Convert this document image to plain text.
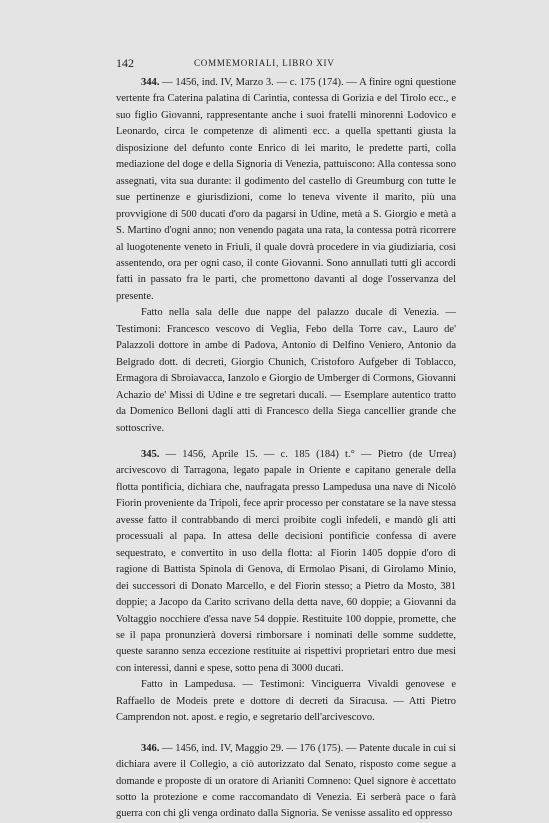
142	COMMEMORIALI, LIBRO XIV

344. — 1456, ind. IV, Marzo 3. — c. 175 (174). — A finire ogni questione vertente fra Caterina palatina di Carintia, contessa di Gorizia e del Tirolo ecc., e suo figlio Giovanni, rappresentante anche i suoi fratelli minorenni Lodovico e Leonardo, circa le competenze di alimenti ecc. a quella spettanti giusta la disposizione del defunto conte Enrico di lei marito, le predette parti, colla mediazione del doge e della Signoria di Venezia, pattuiscono: Alla contessa sono assegnati, vita sua durante: il godimento del castello di Greumburg con tutte le sue pertinenze e giurisdizioni, come lo teneva vivente il marito, più una provvigione di 500 ducati d'oro da pagarsi in Udine, metà a S. Giorgio e metà a S. Martino d'ogni anno; non venendo pagata una rata, la contessa potrà ricorrere al luogotenente veneto in Friuli, il quale dovrà procedere in via giudiziaria, così assentendo, ora per ogni caso, il conte Giovanni. Sono annullati tutti gli accordi fatti in passato fra le parti, che promettono davanti al doge l'osservanza del presente.

Fatto nella sala delle due nappe del palazzo ducale di Venezia. — Testimoni: Francesco vescovo di Veglia, Febo della Torre cav., Lauro de' Palazzoli dottore in ambe di Padova, Antonio di Delfino Veniero, Antonio da Belgrado dott. di decreti, Giorgio Chunich, Cristoforo Aufgeber di Toblacco, Ermagora di Sbroiavacca, Ianzolo e Giorgio de Umberger di Cormons, Giovanni Achazio de' Missi di Udine e tre segretari ducali. — Esemplare autentico tratto da Domenico Belloni dagli atti di Francesco della Siega cancellier grande che sottoscrive.

345. — 1456, Aprile 15. — c. 185 (184) t.° — Pietro (de Urrea) arcivescovo di Tarragona, legato papale in Oriente e capitano generale della flotta pontificia, dichiara che, naufragata presso Lampedusa una nave di Nicolò Fiorin proveniente da Tripoli, fece aprir processo per constatare se la nave stessa avesse fatto il contrabbando di merci proibite cogli infedeli, e mandò gli atti processuali al papa. In attesa delle decisioni pontificie confessa di avere sequestrato, e convertito in uso della flotta: al Fiorin 1405 doppie d'oro di ragione di Battista Spinola di Genova, di Ermolao Pisani, di Girolamo Minio, dei successori di Donato Marcello, e del Fiorin stesso; a Pietro da Mosto, 381 doppie; a Jacopo da Carito scrivano della detta nave, 60 doppie; a Giovanni da Voltaggio nocchiere d'essa nave 54 doppie. Restituite 100 doppie, promette, che se il papa pronunzierà doversi rimborsare i nominati delle somme suddette, queste saranno senza eccezione restituite ai rispettivi proprietari entro due mesi con interessi, danni e spese, sotto pena di 3000 ducati.

Fatto in Lampedusa. — Testimoni: Vinciguerra Vivaldi genovese e Raffaello de Modeis prete e dottore di decreti da Siracusa. — Atti Pietro Camprendon not. apost. e regio, e segretario dell'arcivescovo.

346. — 1456, ind. IV, Maggio 29. — 176 (175). — Patente ducale in cui si dichiara avere il Collegio, a ciò autorizzato dal Senato, risposto come segue a domande e proposte di un oratore di Arianiti Comneno: Quel signore è accettato sotto la protezione e come raccomandato di Venezia. Ei serberà pace o farà guerra con chi gli venga ordinato dalla Signoria. Se venisse assalito ed oppresso
